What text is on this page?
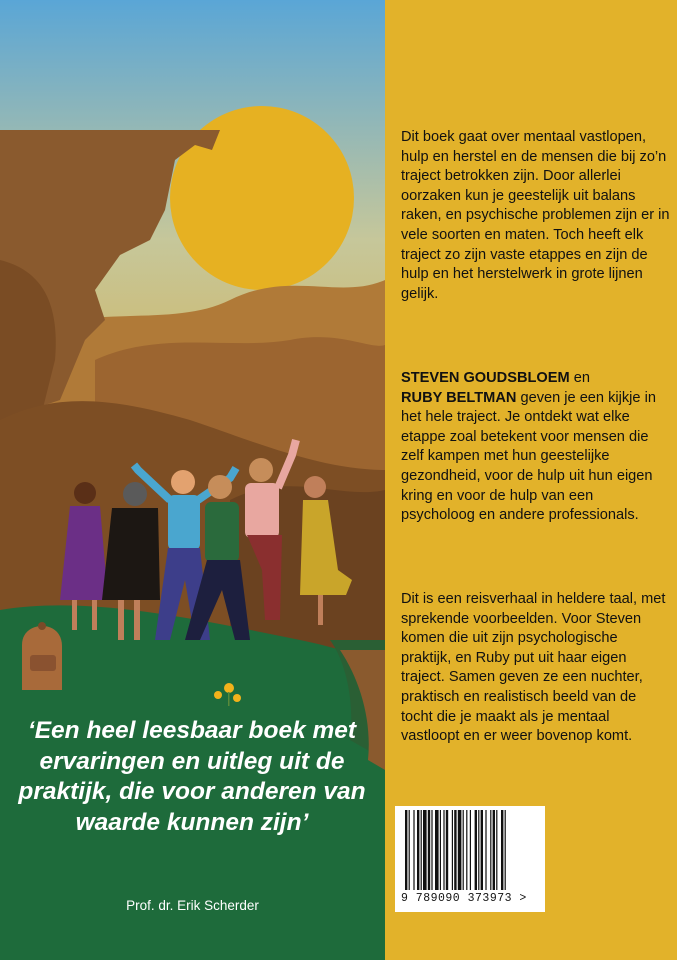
‘Een heel leesbaar boek met ervaringen en uitleg uit de praktijk, die voor anderen van waarde kunnen zijn’

Prof. dr. Erik Scherder

Dit boek gaat over mentaal vastlopen, hulp en herstel en de mensen die bij zo’n traject betrokken zijn. Door allerlei oorzaken kun je geestelijk uit balans raken, en psychische problemen zijn er in vele soorten en maten. Toch heeft elk traject zo zijn vaste etappes en zijn de hulp en het herstelwerk in grote lijnen gelijk.

STEVEN GOUDSBLOEM en
RUBY BELTMAN geven je een kijkje in het hele traject. Je ontdekt wat elke etappe zoal betekent voor mensen die zelf kampen met hun geestelijke gezondheid, voor de hulp uit hun eigen kring en voor de hulp van een psycholoog en andere professionals.

Dit is een reisverhaal in heldere taal, met sprekende voorbeelden. Voor Steven komen die uit zijn psychologische praktijk, en Ruby put uit haar eigen traject. Samen geven ze een nuchter, praktisch en realistisch beeld van de tocht die je maakt als je mentaal vastloopt en er weer bovenop komt.

9 789090 373973 >
